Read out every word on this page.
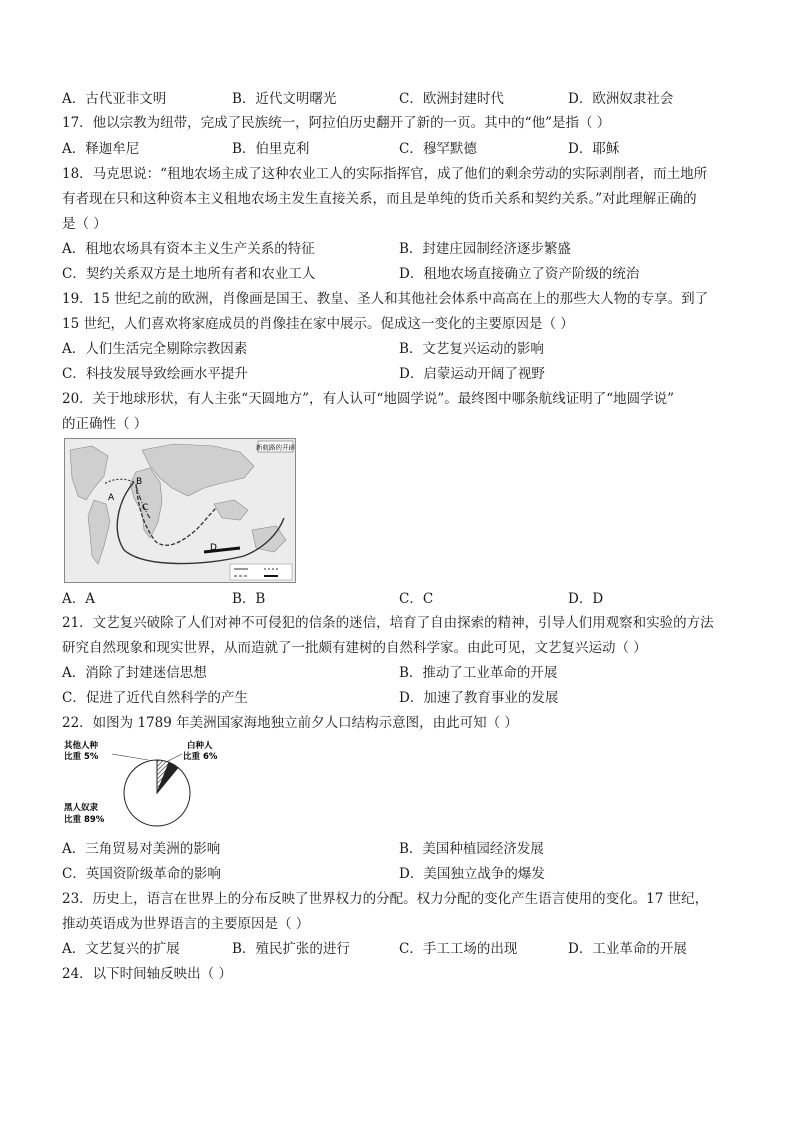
A．古代亚非文明	B．近代文明曙光	C．欧洲封建时代	D．欧洲奴隶社会
17．他以宗教为纽带，完成了民族统一，阿拉伯历史翻开了新的一页。其中的“他”是指（ ）
A．释迦牟尼	B．伯里克利	C．穆罕默德	D．耶稣
18．马克思说：“租地农场主成了这种农业工人的实际指挥官，成了他们的剩余劳动的实际剥削者，而土地所
有者现在只和这种资本主义租地农场主发生直接关系，而且是单纯的货币关系和契约关系。”对此理解正确的
是（ ）
A．租地农场具有资本主义生产关系的特征	B．封建庄园制经济逐步繁盛
C．契约关系双方是土地所有者和农业工人	D．租地农场直接确立了资产阶级的统治
19．15 世纪之前的欧洲，肖像画是国王、教皇、圣人和其他社会体系中高高在上的那些大人物的专享。到了
15 世纪，人们喜欢将家庭成员的肖像挂在家中展示。促成这一变化的主要原因是（ ）
A．人们生活完全剔除宗教因素	B．文艺复兴运动的影响
C．科技发展导致绘画水平提升	D．启蒙运动开阔了视野
20．关于地球形状，有人主张“天圆地方”，有人认可“地圆学说”。最终图中哪条航线证明了“地圆学说”
的正确性（ ）
新航路的开辟
A
B
C
D
A．A	B．B	C．C	D．D
21．文艺复兴破除了人们对神不可侵犯的信条的迷信，培育了自由探索的精神，引导人们用观察和实验的方法
研究自然现象和现实世界，从而造就了一批颇有建树的自然科学家。由此可见，文艺复兴运动（ ）
A．消除了封建迷信思想	B．推动了工业革命的开展
C．促进了近代自然科学的产生	D．加速了教育事业的发展
22．如图为 1789 年美洲国家海地独立前夕人口结构示意图，由此可知（ ）
其他人种
比重 5%
白种人
比重 6%
黑人奴隶
比重 89%
A．三角贸易对美洲的影响	B．美国种植园经济发展
C．英国资阶级革命的影响	D．美国独立战争的爆发
23．历史上，语言在世界上的分布反映了世界权力的分配。权力分配的变化产生语言使用的变化。17 世纪，
推动英语成为世界语言的主要原因是（ ）
A．文艺复兴的扩展	B．殖民扩张的进行	C．手工工场的出现	D．工业革命的开展
24．以下时间轴反映出（ ）
